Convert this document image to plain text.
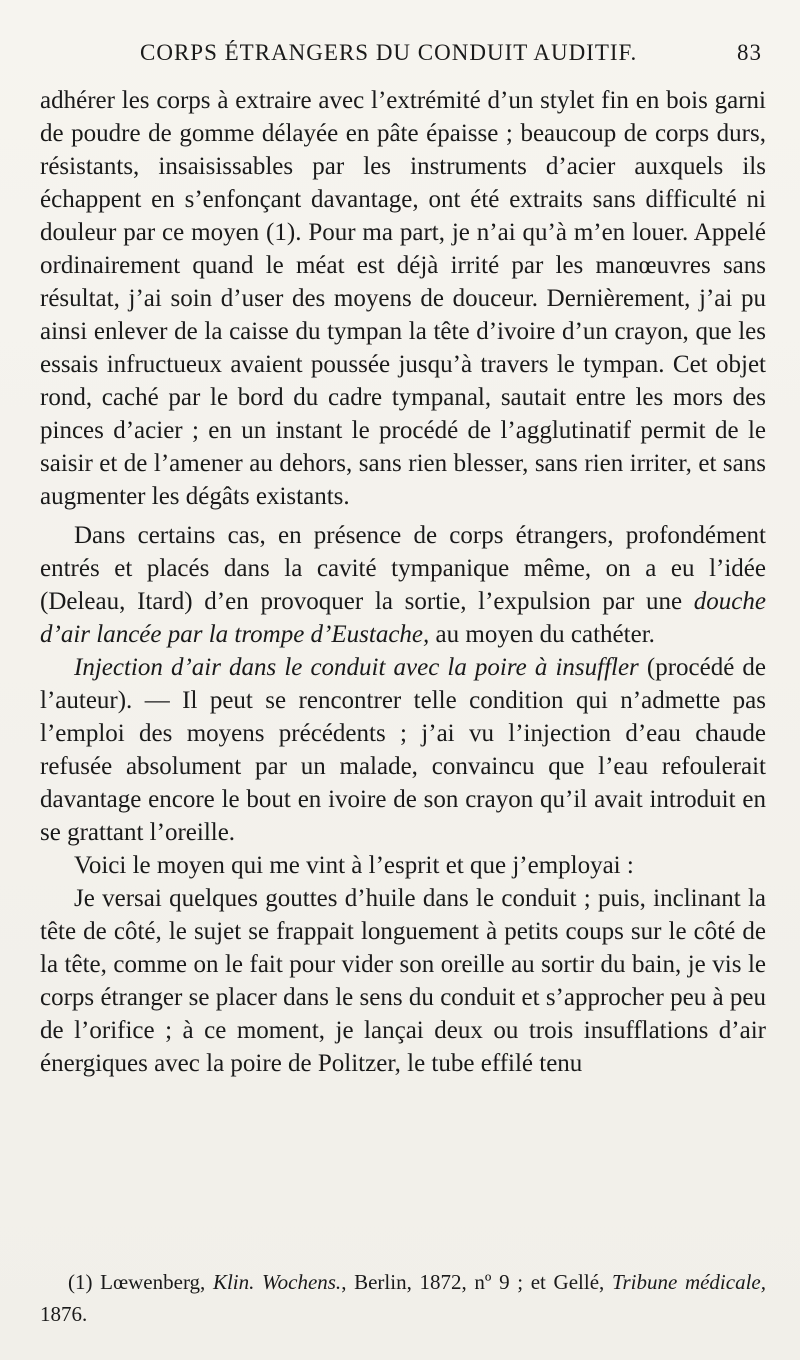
CORPS ÉTRANGERS DU CONDUIT AUDITIF.	83

adhérer les corps à extraire avec l’extrémité d’un stylet fin en bois garni de poudre de gomme délayée en pâte épaisse ; beaucoup de corps durs, résistants, insaisissables par les instruments d’acier auxquels ils échappent en s’enfonçant davantage, ont été extraits sans difficulté ni douleur par ce moyen (1). Pour ma part, je n’ai qu’à m’en louer. Appelé ordinairement quand le méat est déjà irrité par les manœuvres sans résultat, j’ai soin d’user des moyens de douceur. Dernièrement, j’ai pu ainsi enlever de la caisse du tympan la tête d’ivoire d’un crayon, que les essais infructueux avaient poussée jusqu’à travers le tympan. Cet objet rond, caché par le bord du cadre tympanal, sautait entre les mors des pinces d’acier ; en un instant le procédé de l’agglutinatif permit de le saisir et de l’amener au dehors, sans rien blesser, sans rien irriter, et sans augmenter les dégâts existants.

Dans certains cas, en présence de corps étrangers, profondément entrés et placés dans la cavité tympanique même, on a eu l’idée (Deleau, Itard) d’en provoquer la sortie, l’expulsion par une douche d’air lancée par la trompe d’Eustache, au moyen du cathéter.

Injection d’air dans le conduit avec la poire à insuffler (procédé de l’auteur). — Il peut se rencontrer telle condition qui n’admette pas l’emploi des moyens précédents ; j’ai vu l’injection d’eau chaude refusée absolument par un malade, convaincu que l’eau refoulerait davantage encore le bout en ivoire de son crayon qu’il avait introduit en se grattant l’oreille.

Voici le moyen qui me vint à l’esprit et que j’employai :

Je versai quelques gouttes d’huile dans le conduit ; puis, inclinant la tête de côté, le sujet se frappait longuement à petits coups sur le côté de la tête, comme on le fait pour vider son oreille au sortir du bain, je vis le corps étranger se placer dans le sens du conduit et s’approcher peu à peu de l’orifice ; à ce moment, je lançai deux ou trois insufflations d’air énergiques avec la poire de Politzer, le tube effilé tenu

(1) Lœwenberg, Klin. Wochens., Berlin, 1872, nº 9 ; et Gellé, Tribune médicale, 1876.
